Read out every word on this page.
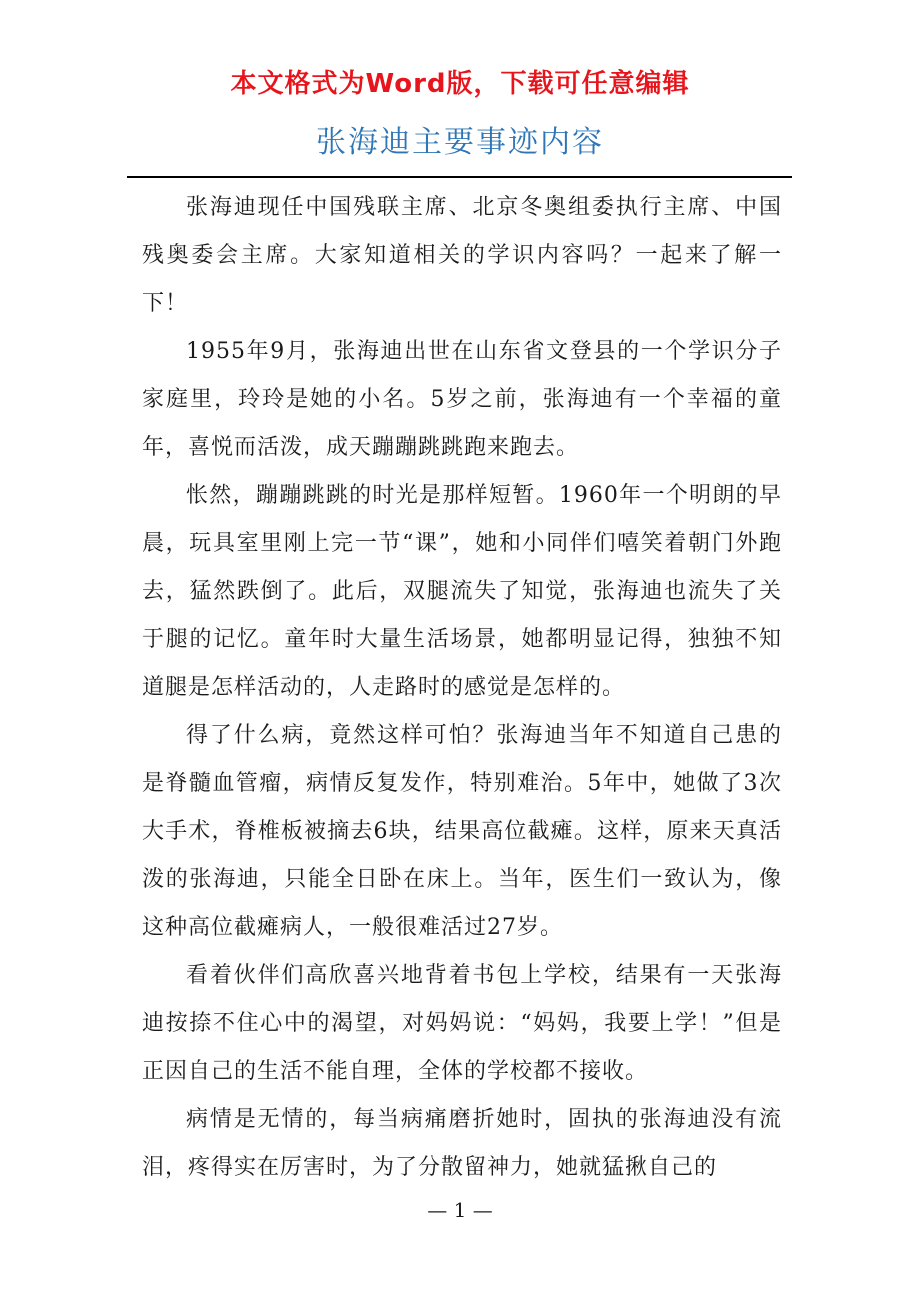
本文格式为Word版，下载可任意编辑
张海迪主要事迹内容

张海迪现任中国残联主席、北京冬奥组委执行主席、中国残奥委会主席。大家知道相关的学识内容吗？一起来了解一下！

1955年9月，张海迪出世在山东省文登县的一个学识分子家庭里，玲玲是她的小名。5岁之前，张海迪有一个幸福的童年，喜悦而活泼，成天蹦蹦跳跳跑来跑去。

怅然，蹦蹦跳跳的时光是那样短暂。1960年一个明朗的早晨，玩具室里刚上完一节“课”，她和小同伴们嘻笑着朝门外跑去，猛然跌倒了。此后，双腿流失了知觉，张海迪也流失了关于腿的记忆。童年时大量生活场景，她都明显记得，独独不知道腿是怎样活动的，人走路时的感觉是怎样的。

得了什么病，竟然这样可怕？张海迪当年不知道自己患的是脊髓血管瘤，病情反复发作，特别难治。5年中，她做了3次大手术，脊椎板被摘去6块，结果高位截瘫。这样，原来天真活泼的张海迪，只能全日卧在床上。当年，医生们一致认为，像这种高位截瘫病人，一般很难活过27岁。

看着伙伴们高欣喜兴地背着书包上学校，结果有一天张海迪按捺不住心中的渴望，对妈妈说：“妈妈，我要上学！”但是正因自己的生活不能自理，全体的学校都不接收。

病情是无情的，每当病痛磨折她时，固执的张海迪没有流泪，疼得实在厉害时，为了分散留神力，她就猛揪自己的

— 1 —
